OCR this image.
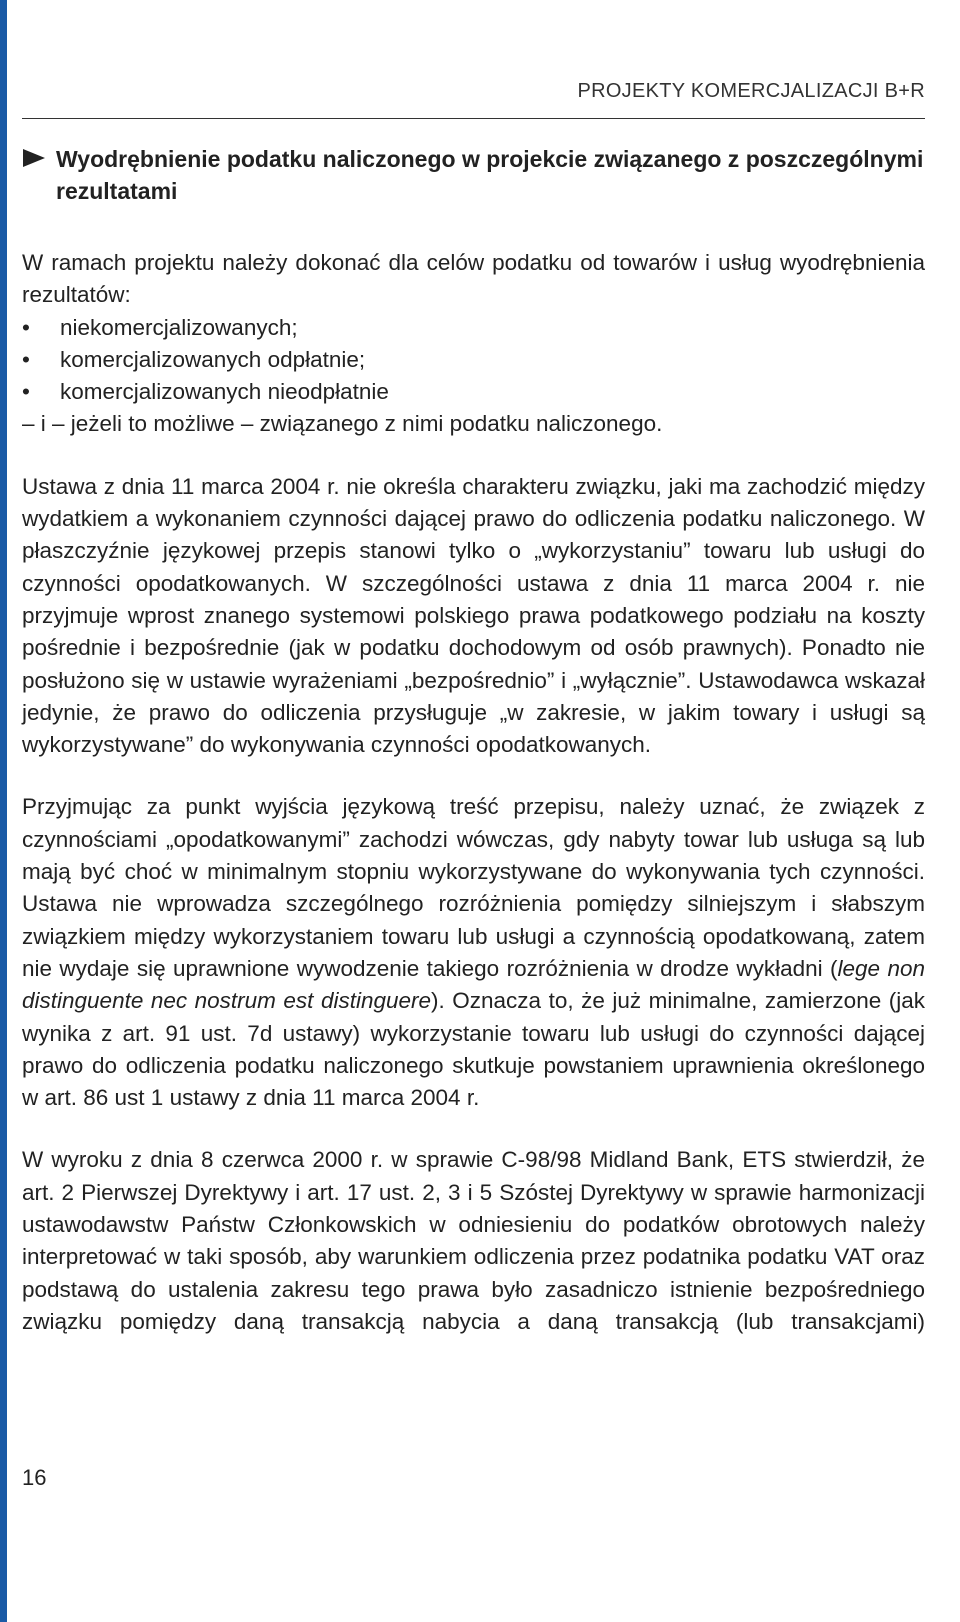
PROJEKTY KOMERCJALIZACJI B+R
Wyodrębnienie podatku naliczonego w projekcie związanego z poszczególnymi rezultatami

W ramach projektu należy dokonać dla celów podatku od towarów i usług wyodrębnienia rezultatów:

• niekomercjalizowanych;
• komercjalizowanych odpłatnie;
• komercjalizowanych nieodpłatnie

– i – jeżeli to możliwe – związanego z nimi podatku naliczonego.

Ustawa z dnia 11 marca 2004 r. nie określa charakteru związku, jaki ma zachodzić między wydatkiem a wykonaniem czynności dającej prawo do odliczenia podatku naliczonego. W płaszczyźnie językowej przepis stanowi tylko o „wykorzystaniu” towaru lub usługi do czynności opodatkowanych. W szczególności ustawa z dnia 11 marca 2004 r. nie przyjmuje wprost znanego systemowi polskiego prawa podatkowego podziału na koszty pośrednie i bezpośrednie (jak w podatku dochodowym od osób prawnych). Ponadto nie posłużono się w ustawie wyrażeniami „bezpośrednio” i „wyłącznie”. Ustawodawca wskazał jedynie, że prawo do odliczenia przysługuje „w zakresie, w jakim towary i usługi są wykorzystywane” do wykonywania czynności opodatkowanych.

Przyjmując za punkt wyjścia językową treść przepisu, należy uznać, że związek z czynnościami „opodatkowanymi” zachodzi wówczas, gdy nabyty towar lub usługa są lub mają być choć w minimalnym stopniu wykorzystywane do wykonywania tych czynności. Ustawa nie wprowadza szczególnego rozróżnienia pomiędzy silniejszym i słabszym związkiem między wykorzystaniem towaru lub usługi a czynnością opodatkowaną, zatem nie wydaje się uprawnione wywodzenie takiego rozróżnienia w drodze wykładni (lege non distinguente nec nostrum est distinguere). Oznacza to, że już minimalne, zamierzone (jak wynika z art. 91 ust. 7d ustawy) wykorzystanie towaru lub usługi do czynności dającej prawo do odliczenia podatku naliczonego skutkuje powstaniem uprawnienia określonego w art. 86 ust 1 ustawy z dnia 11 marca 2004 r.

W wyroku z dnia 8 czerwca 2000 r. w sprawie C-98/98 Midland Bank, ETS stwierdził, że art. 2 Pierwszej Dyrektywy i art. 17 ust. 2, 3 i 5 Szóstej Dyrektywy w sprawie harmonizacji ustawodawstw Państw Członkowskich w odniesieniu do podatków obrotowych należy interpretować w taki sposób, aby warunkiem odliczenia przez podatnika podatku VAT oraz podstawą do ustalenia zakresu tego prawa było zasadniczo istnienie bezpośredniego związku pomiędzy daną transakcją nabycia a daną transakcją (lub transakcjami)

16
